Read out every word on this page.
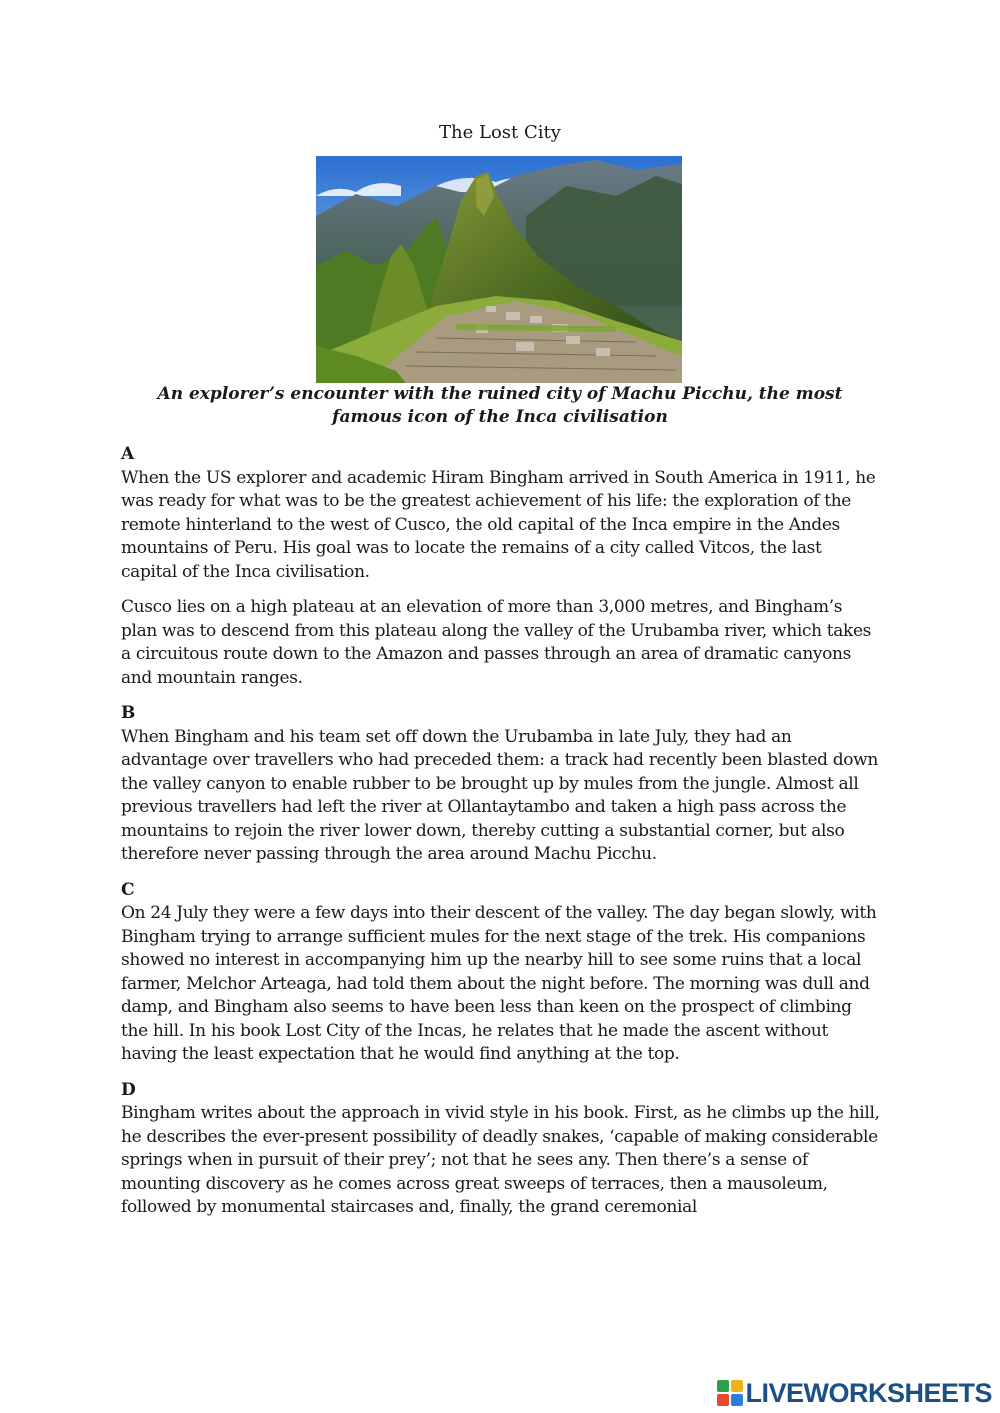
The Lost City
An explorer’s encounter with the ruined city of Machu Picchu, the most famous icon of the Inca civilisation
A

When the US explorer and academic Hiram Bingham arrived in South America in 1911, he was ready for what was to be the greatest achievement of his life: the exploration of the remote hinterland to the west of Cusco, the old capital of the Inca empire in the Andes mountains of Peru. His goal was to locate the remains of a city called Vitcos, the last capital of the Inca civilisation.

Cusco lies on a high plateau at an elevation of more than 3,000 metres, and Bingham’s plan was to descend from this plateau along the valley of the Urubamba river, which takes a circuitous route down to the Amazon and passes through an area of dramatic canyons and mountain ranges.

B

When Bingham and his team set off down the Urubamba in late July, they had an advantage over travellers who had preceded them: a track had recently been blasted down the valley canyon to enable rubber to be brought up by mules from the jungle. Almost all previous travellers had left the river at Ollantaytambo and taken a high pass across the mountains to rejoin the river lower down, thereby cutting a substantial corner, but also therefore never passing through the area around Machu Picchu.

C

On 24 July they were a few days into their descent of the valley. The day began slowly, with Bingham trying to arrange sufficient mules for the next stage of the trek. His companions showed no interest in accompanying him up the nearby hill to see some ruins that a local farmer, Melchor Arteaga, had told them about the night before. The morning was dull and damp, and Bingham also seems to have been less than keen on the prospect of climbing the hill. In his book Lost City of the Incas, he relates that he made the ascent without having the least expectation that he would find anything at the top.

D

Bingham writes about the approach in vivid style in his book. First, as he climbs up the hill, he describes the ever-present possibility of deadly snakes, ‘capable of making considerable springs when in pursuit of their prey’; not that he sees any. Then there’s a sense of mounting discovery as he comes across great sweeps of terraces, then a mausoleum, followed by monumental staircases and, finally, the grand ceremonial

LIVEWORKSHEETS
